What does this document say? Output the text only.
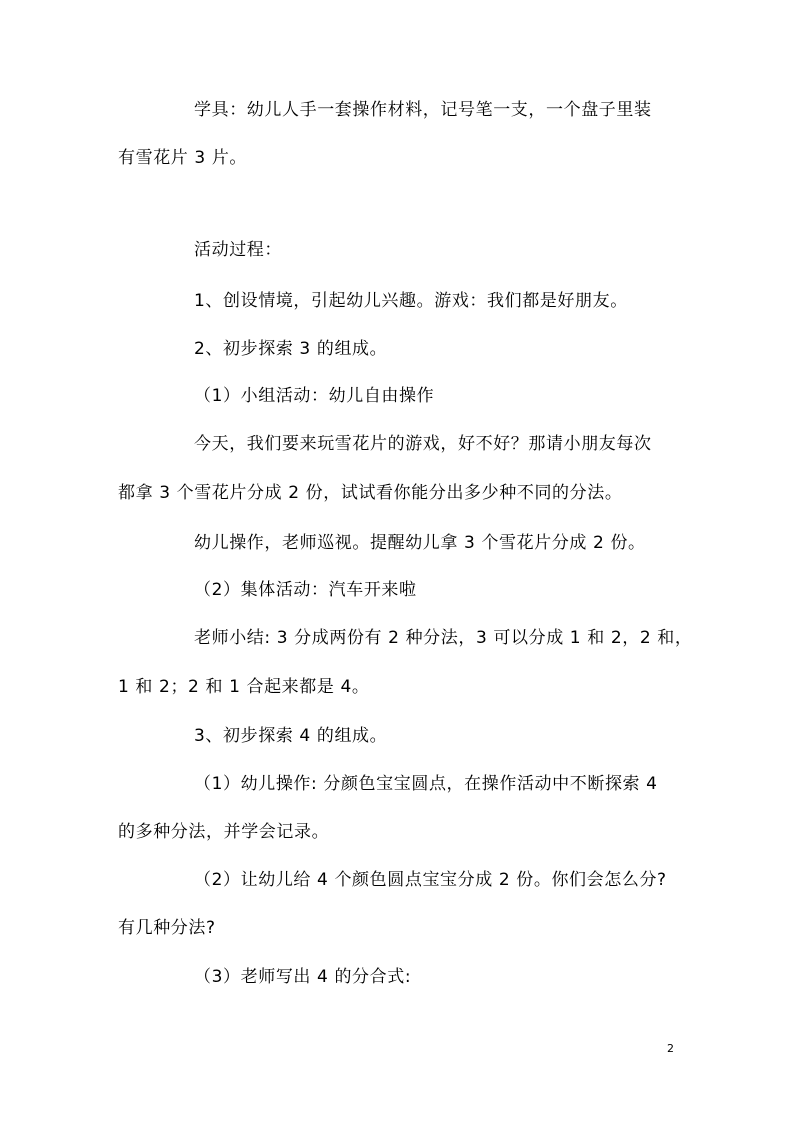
学具：幼儿人手一套操作材料，记号笔一支，一个盘子里装
有雪花片 3 片。
活动过程：
1、创设情境，引起幼儿兴趣。游戏：我们都是好朋友。
2、初步探索 3 的组成。
（1）小组活动：幼儿自由操作
今天，我们要来玩雪花片的游戏，好不好？那请小朋友每次
都拿 3 个雪花片分成 2 份，试试看你能分出多少种不同的分法。
幼儿操作，老师巡视。提醒幼儿拿 3 个雪花片分成 2 份。
（2）集体活动：汽车开来啦
老师小结: 3 分成两份有 2 种分法，3 可以分成 1 和 2，2 和，
1 和 2；2 和 1 合起来都是 4。
3、初步探索 4 的组成。
（1）幼儿操作: 分颜色宝宝圆点，在操作活动中不断探索 4
的多种分法，并学会记录。
（2）让幼儿给 4 个颜色圆点宝宝分成 2 份。你们会怎么分?
有几种分法?
（3）老师写出 4 的分合式:
2
